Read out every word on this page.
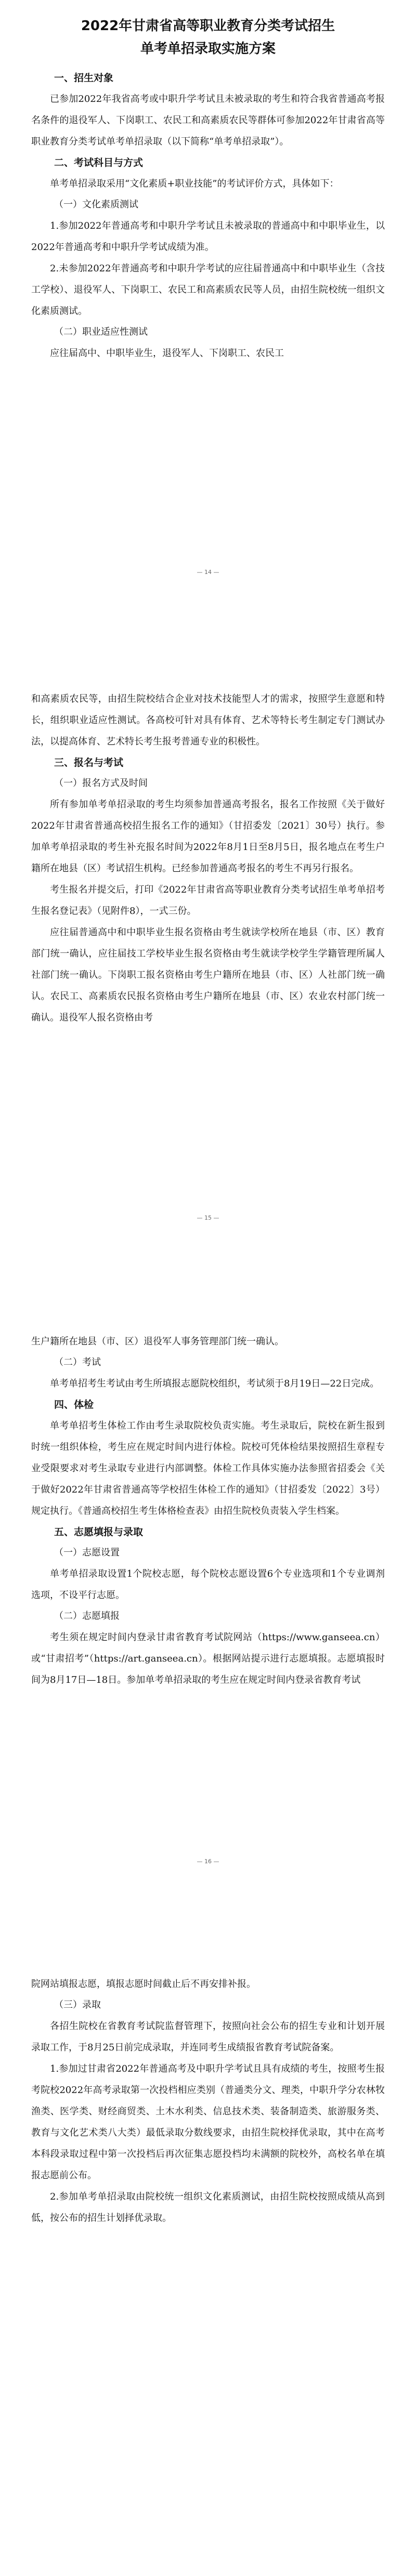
2022年甘肃省高等职业教育分类考试招生

单考单招录取实施方案

一、招生对象

已参加2022年我省高考或中职升学考试且未被录取的考生和符合我省普通高考报名条件的退役军人、下岗职工、农民工和高素质农民等群体可参加2022年甘肃省高等职业教育分类考试单考单招录取（以下简称“单考单招录取”）。

二、考试科目与方式

单考单招录取采用“文化素质+职业技能”的考试评价方式，具体如下：

（一）文化素质测试

1.参加2022年普通高考和中职升学考试且未被录取的普通高中和中职毕业生，以2022年普通高考和中职升学考试成绩为准。

2.未参加2022年普通高考和中职升学考试的应往届普通高中和中职毕业生（含技工学校）、退役军人、下岗职工、农民工和高素质农民等人员，由招生院校统一组织文化素质测试。

（二）职业适应性测试

应往届高中、中职毕业生，退役军人、下岗职工、农民工

— 14 —

和高素质农民等，由招生院校结合企业对技术技能型人才的需求，按照学生意愿和特长，组织职业适应性测试。各高校可针对具有体育、艺术等特长考生制定专门测试办法，以提高体育、艺术特长考生报考普通专业的积极性。

三、报名与考试

（一）报名方式及时间

所有参加单考单招录取的考生均须参加普通高考报名，报名工作按照《关于做好2022年甘肃省普通高校招生报名工作的通知》（甘招委发〔2021〕30号）执行。参加单考单招录取的考生补充报名时间为2022年8月1日至8月5日，报名地点在考生户籍所在地县（区）考试招生机构。已经参加普通高考报名的考生不再另行报名。

考生报名并提交后，打印《2022年甘肃省高等职业教育分类考试招生单考单招考生报名登记表》（见附件8），一式三份。

应往届普通高中和中职毕业生报名资格由考生就读学校所在地县（市、区）教育部门统一确认，应往届技工学校毕业生报名资格由考生就读学校学生学籍管理所属人社部门统一确认。下岗职工报名资格由考生户籍所在地县（市、区）人社部门统一确认。农民工、高素质农民报名资格由考生户籍所在地县（市、区）农业农村部门统一确认。退役军人报名资格由考

— 15 —

生户籍所在地县（市、区）退役军人事务管理部门统一确认。

（二）考试

单考单招考生考试由考生所填报志愿院校组织，考试须于8月19日—22日完成。

四、体检

单考单招考生体检工作由考生录取院校负责实施。考生录取后，院校在新生报到时统一组织体检，考生应在规定时间内进行体检。院校可凭体检结果按照招生章程专业受限要求对考生录取专业进行内部调整。体检工作具体实施办法参照省招委会《关于做好2022年甘肃省普通高等学校招生体检工作的通知》（甘招委发〔2022〕3号）规定执行。《普通高校招生考生体格检查表》由招生院校负责装入学生档案。

五、志愿填报与录取

（一）志愿设置

单考单招录取设置1个院校志愿，每个院校志愿设置6个专业选项和1个专业调剂选项，不设平行志愿。

（二）志愿填报

考生须在规定时间内登录甘肃省教育考试院网站（https://www.ganseea.cn）或“甘肃招考”（https://art.ganseea.cn）。根据网站提示进行志愿填报。志愿填报时间为8月17日—18日。参加单考单招录取的考生应在规定时间内登录省教育考试

— 16 —

院网站填报志愿，填报志愿时间截止后不再安排补报。

（三）录取

各招生院校在省教育考试院监督管理下，按照向社会公布的招生专业和计划开展录取工作，于8月25日前完成录取，并连同考生成绩报省教育考试院备案。

1.参加过甘肃省2022年普通高考及中职升学考试且具有成绩的考生，按照考生报考院校2022年高考录取第一次投档相应类别（普通类分文、理类，中职升学分农林牧渔类、医学类、财经商贸类、土木水利类、信息技术类、装备制造类、旅游服务类、教育与文化艺术类八大类）最低录取分数线要求，由招生院校择优录取，其中在高考本科段录取过程中第一次投档后再次征集志愿投档均未满额的院校外，高校名单在填报志愿前公布。

2.参加单考单招录取由院校统一组织文化素质测试，由招生院校按照成绩从高到低，按公布的招生计划择优录取。
